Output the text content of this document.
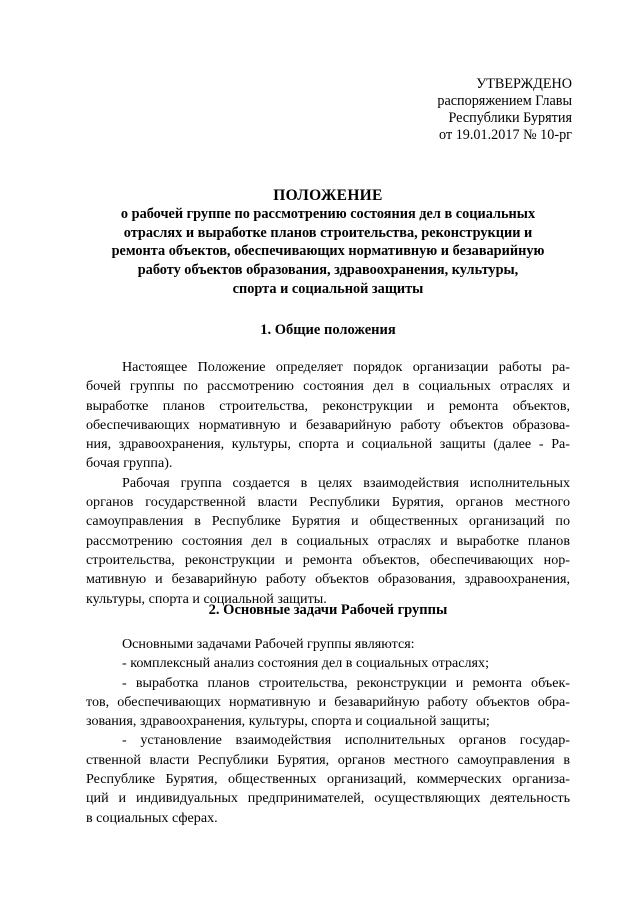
УТВЕРЖДЕНО
распоряжением Главы
Республики Бурятия
от 19.01.2017 № 10-рг
ПОЛОЖЕНИЕ
о рабочей группе по рассмотрению состояния дел в социальных
отраслях и выработке планов строительства, реконструкции и
ремонта объектов, обеспечивающих нормативную и безаварийную
работу объектов образования, здравоохранения, культуры,
спорта и социальной защиты
1. Общие положения
Настоящее Положение определяет порядок организации работы ра-
бочей группы по рассмотрению состояния дел в социальных отраслях и
выработке планов строительства, реконструкции и ремонта объектов,
обеспечивающих нормативную и безаварийную работу объектов образова-
ния, здравоохранения, культуры, спорта и социальной защиты (далее - Ра-
бочая группа).
Рабочая группа создается в целях взаимодействия исполнительных
органов государственной власти Республики Бурятия, органов местного
самоуправления в Республике Бурятия и общественных организаций по
рассмотрению состояния дел в социальных отраслях и выработке планов
строительства, реконструкции и ремонта объектов, обеспечивающих нор-
мативную и безаварийную работу объектов образования, здравоохранения,
культуры, спорта и социальной защиты.
2. Основные задачи Рабочей группы
Основными задачами Рабочей группы являются:
- комплексный анализ состояния дел в социальных отраслях;
- выработка планов строительства, реконструкции и ремонта объек-
тов, обеспечивающих нормативную и безаварийную работу объектов обра-
зования, здравоохранения, культуры, спорта и социальной защиты;
- установление взаимодействия исполнительных органов государ-
ственной власти Республики Бурятия, органов местного самоуправления в
Республике Бурятия, общественных организаций, коммерческих организа-
ций и индивидуальных предпринимателей, осуществляющих деятельность
в социальных сферах.
